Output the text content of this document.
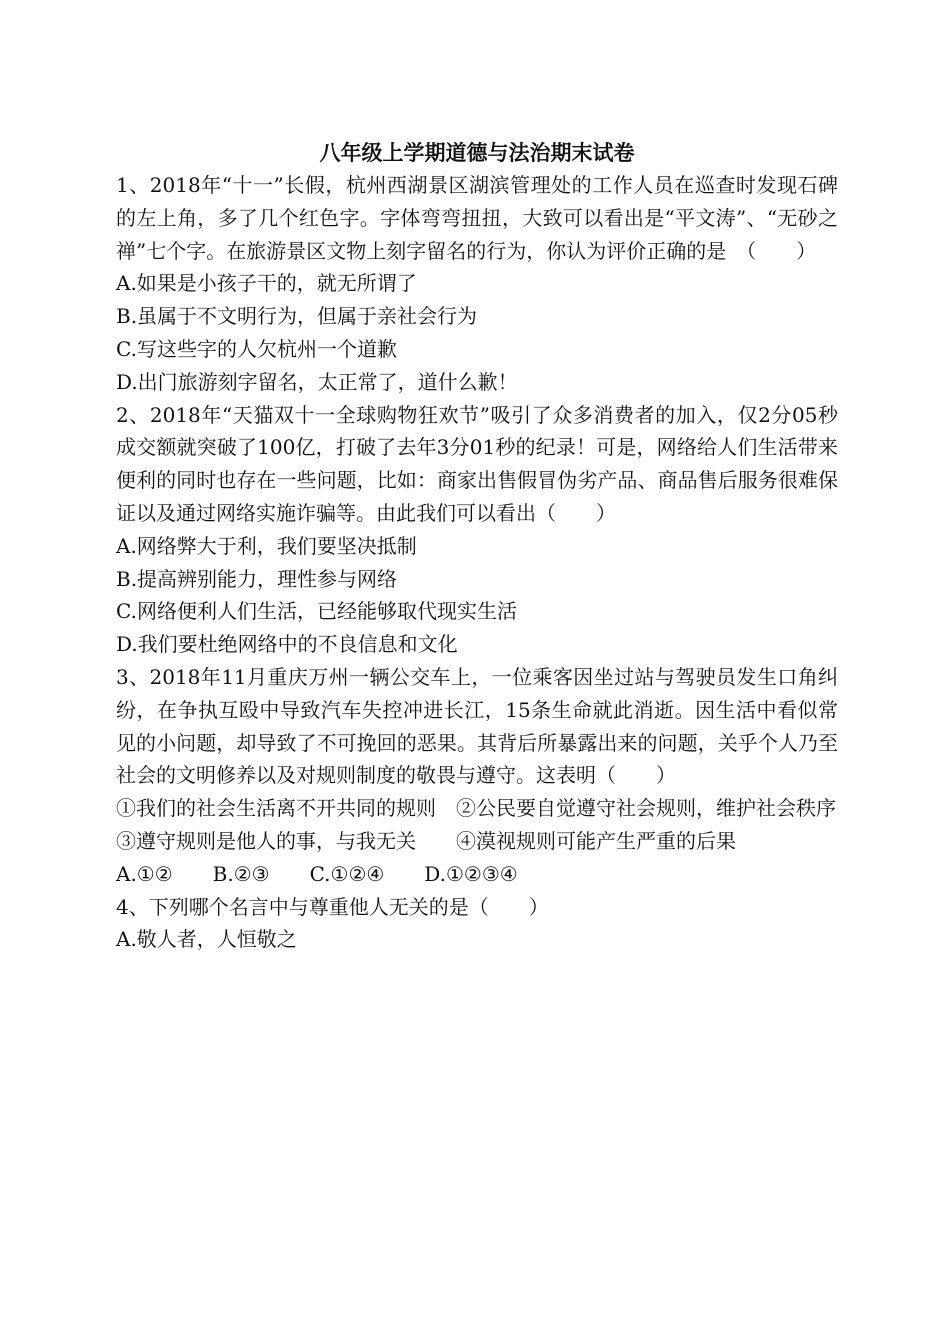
八年级上学期道德与法治期末试卷

1、2018年“十一”长假，杭州西湖景区湖滨管理处的工作人员在巡查时发现石碑的左上角，多了几个红色字。字体弯弯扭扭，大致可以看出是“平文涛”、“无砂之禅”七个字。在旅游景区文物上刻字留名的行为，你认为评价正确的是　（　　）

A.如果是小孩子干的，就无所谓了

B.虽属于不文明行为，但属于亲社会行为

C.写这些字的人欠杭州一个道歉

D.出门旅游刻字留名，太正常了，道什么歉！

2、2018年“天猫双十一全球购物狂欢节”吸引了众多消费者的加入，仅2分05秒成交额就突破了100亿，打破了去年3分01秒的纪录！可是，网络给人们生活带来便利的同时也存在一些问题，比如：商家出售假冒伪劣产品、商品售后服务很难保证以及通过网络实施诈骗等。由此我们可以看出（　　）

A.网络弊大于利，我们要坚决抵制

B.提高辨别能力，理性参与网络

C.网络便利人们生活，已经能够取代现实生活

D.我们要杜绝网络中的不良信息和文化

3、2018年11月重庆万州一辆公交车上，一位乘客因坐过站与驾驶员发生口角纠纷，在争执互殴中导致汽车失控冲进长江，15条生命就此消逝。因生活中看似常见的小问题，却导致了不可挽回的恶果。其背后所暴露出来的问题，关乎个人乃至社会的文明修养以及对规则制度的敬畏与遵守。这表明（　　）

①我们的社会生活离不开共同的规则　②公民要自觉遵守社会规则，维护社会秩序

③遵守规则是他人的事，与我无关　　④漠视规则可能产生严重的后果

A.①②　　B.②③　　C.①②④　　D.①②③④

4、下列哪个名言中与尊重他人无关的是（　　）

A.敬人者，人恒敬之
